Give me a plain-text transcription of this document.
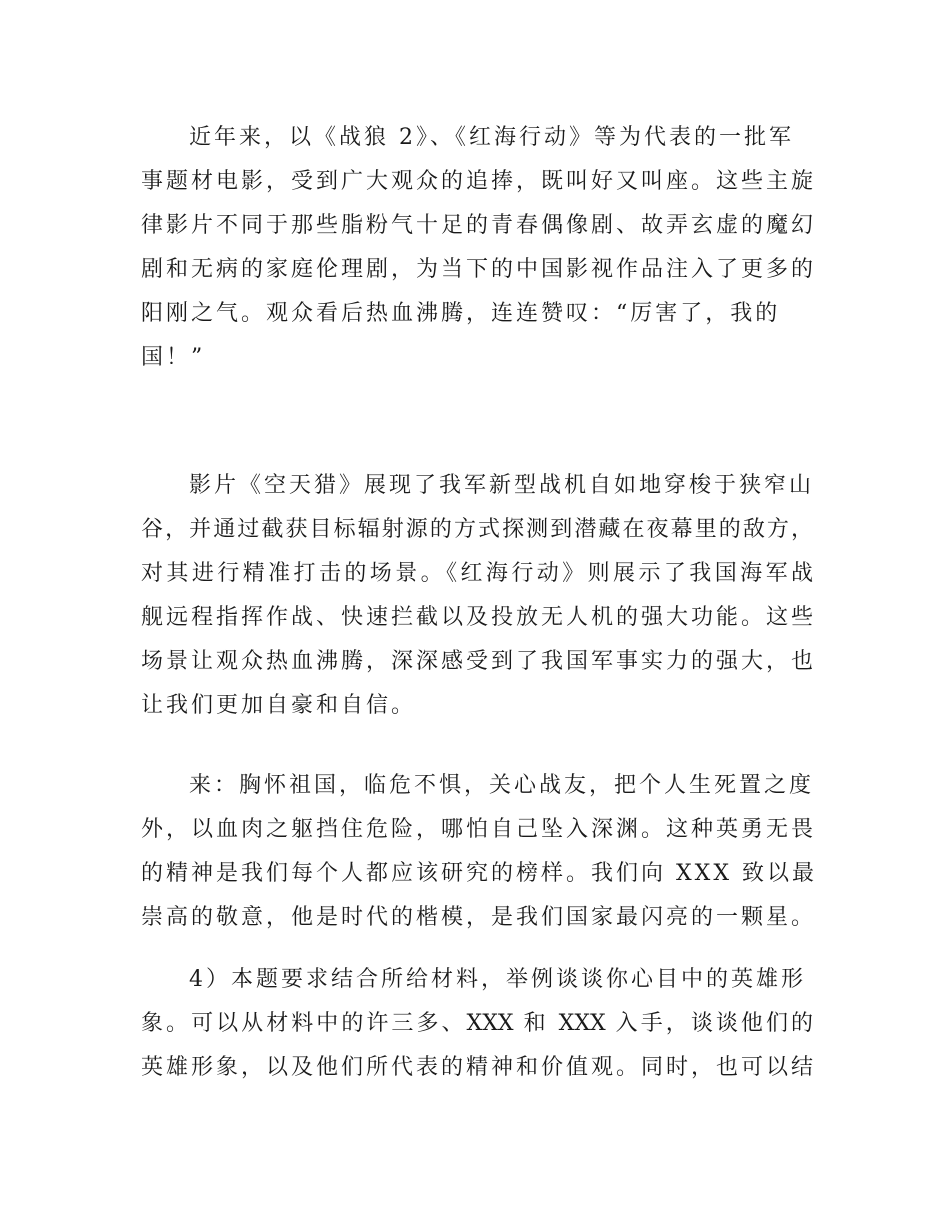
近年来，以《战狼 2》、《红海行动》等为代表的一批军
事题材电影，受到广大观众的追捧，既叫好又叫座。这些主旋
律影片不同于那些脂粉气十足的青春偶像剧、故弄玄虚的魔幻
剧和无病的家庭伦理剧，为当下的中国影视作品注入了更多的
阳刚之气。观众看后热血沸腾，连连赞叹：“厉害了，我的
国！”
影片《空天猎》展现了我军新型战机自如地穿梭于狭窄山
谷，并通过截获目标辐射源的方式探测到潜藏在夜幕里的敌方，
对其进行精准打击的场景。《红海行动》则展示了我国海军战
舰远程指挥作战、快速拦截以及投放无人机的强大功能。这些
场景让观众热血沸腾，深深感受到了我国军事实力的强大，也
让我们更加自豪和自信。
来：胸怀祖国，临危不惧，关心战友，把个人生死置之度
外，以血肉之躯挡住危险，哪怕自己坠入深渊。这种英勇无畏
的精神是我们每个人都应该研究的榜样。我们向 XXX 致以最
崇高的敬意，他是时代的楷模，是我们国家最闪亮的一颗星。
4）本题要求结合所给材料，举例谈谈你心目中的英雄形
象。可以从材料中的许三多、XXX 和 XXX 入手，谈谈他们的
英雄形象，以及他们所代表的精神和价值观。同时，也可以结
